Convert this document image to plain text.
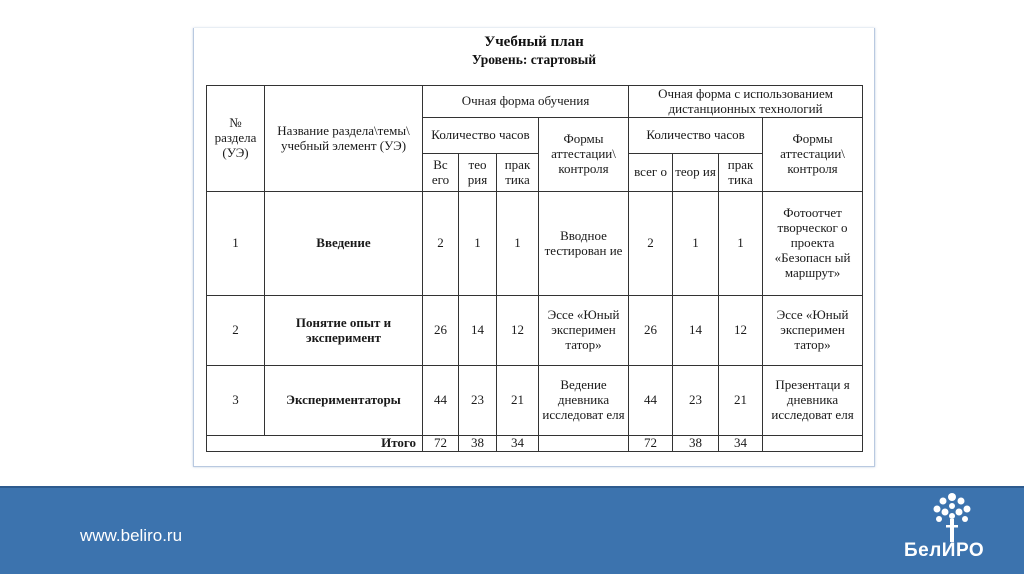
Учебный план
Уровень: стартовый
№ раздела (УЭ)	Название раздела\темы\ учебный элемент (УЭ)	Очная форма обучения				Очная форма с использованием дистанционных технологий			
		Количество часов			Формы аттестации\ контроля	Количество часов			Формы аттестации\ контроля
		Вс его	тео рия	прак тика		всег о	теор ия	прак тика	
1	Введение	2	1	1	Вводное тестирован ие	2	1	1	Фотоотчет творческог о проекта «Безопасн ый маршрут»
2	Понятие опыт и эксперимент	26	14	12	Эссе «Юный эксперимен татор»	26	14	12	Эссе «Юный эксперимен татор»
3	Экспериментаторы	44	23	21	Ведение дневника исследоват еля	44	23	21	Презентаци я дневника исследоват еля
Итого		72	38	34		72	38	34	
www.beliro.ru
БелИРО
